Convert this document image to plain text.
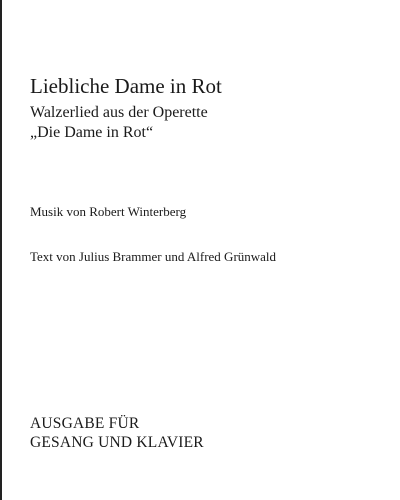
Liebliche Dame in Rot
Walzerlied aus der Operette
„Die Dame in Rot“
Musik von Robert Winterberg
Text von Julius Brammer und Alfred Grünwald
AUSGABE FÜR
GESANG UND KLAVIER
